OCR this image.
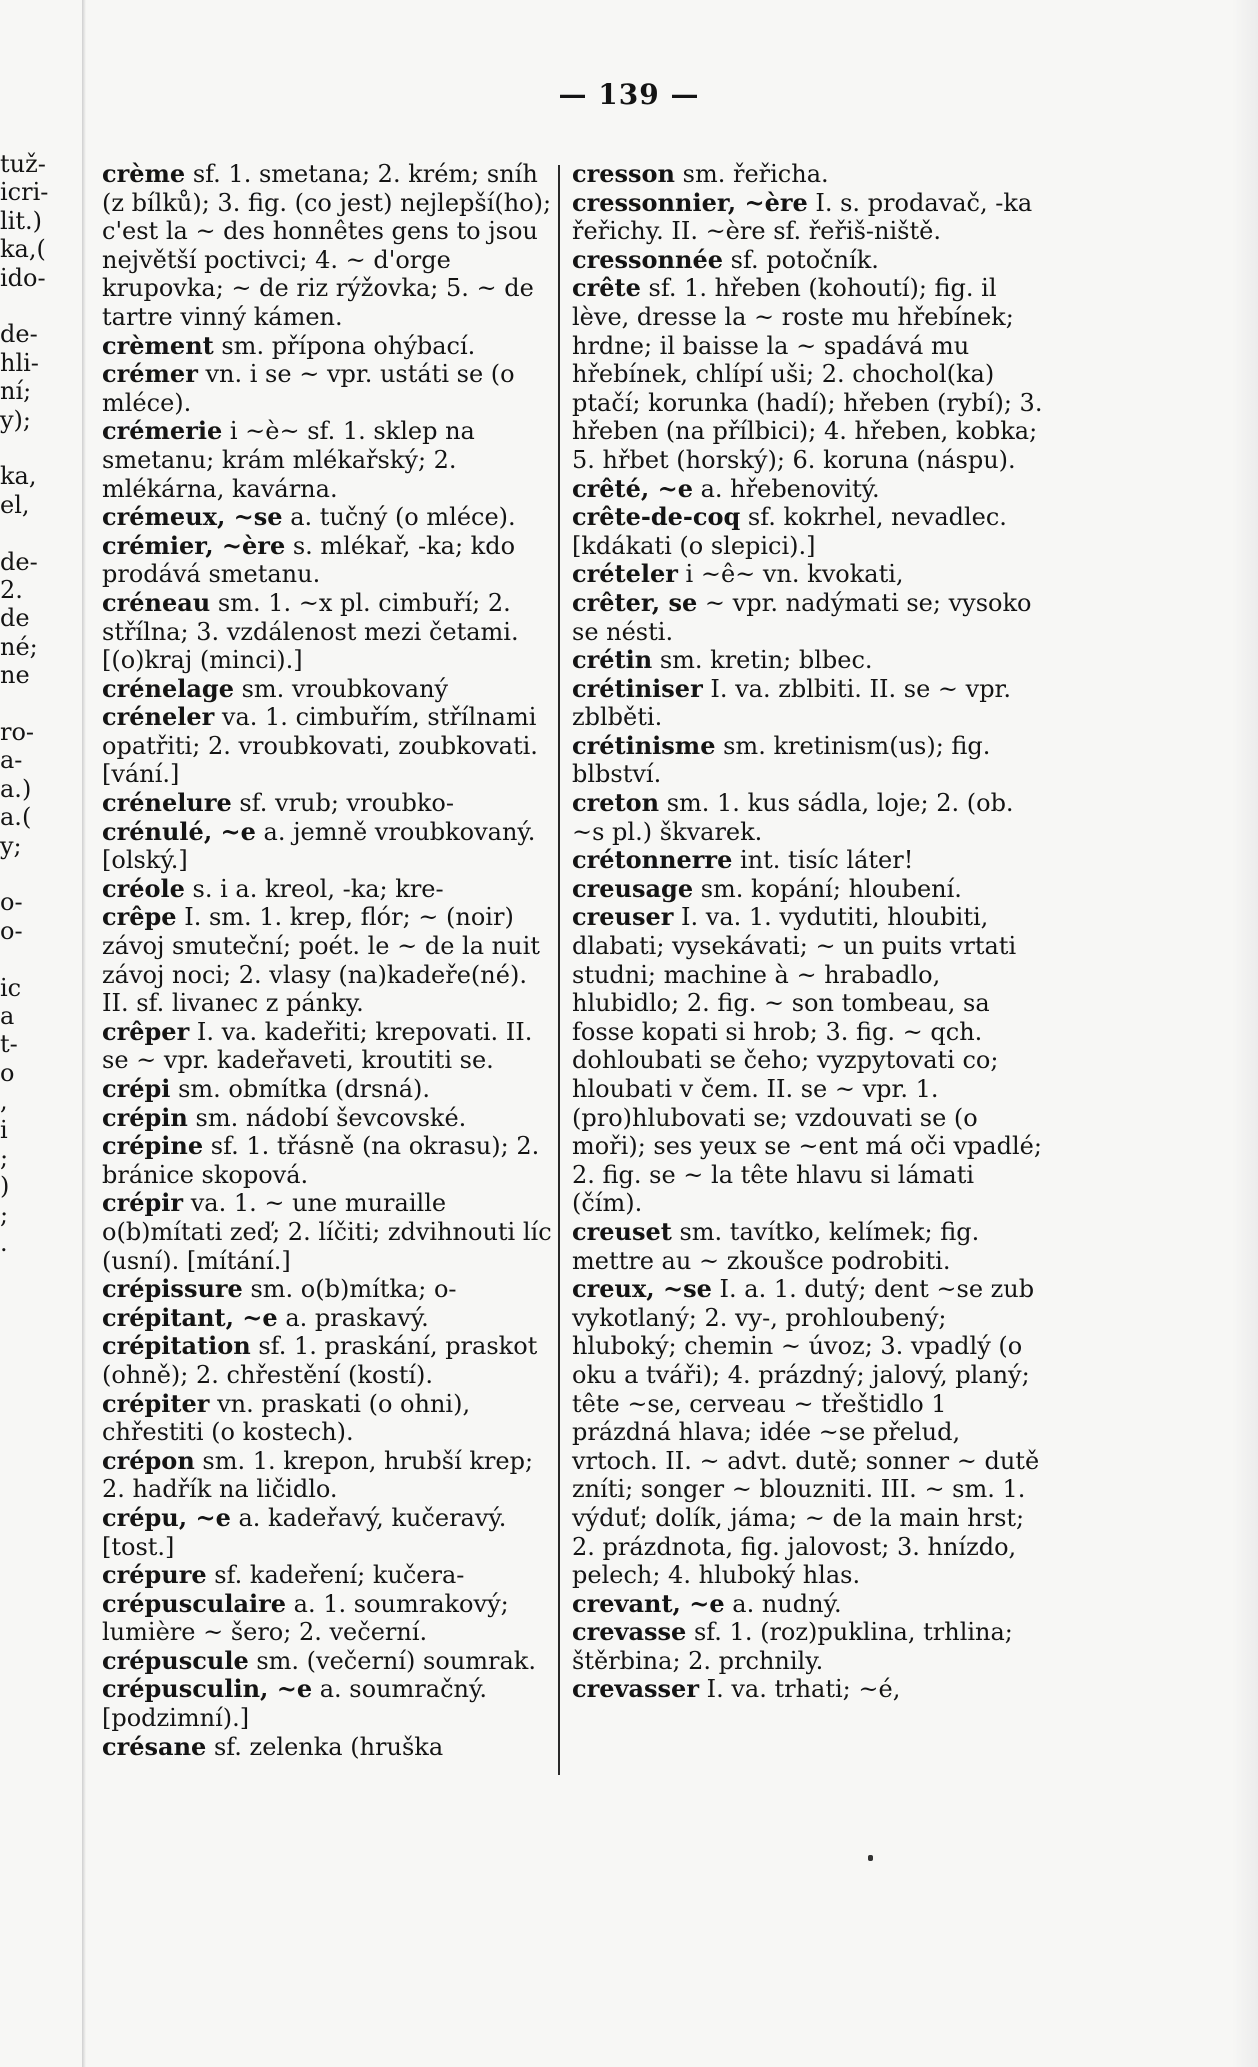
tuž-
icri-
lit.)
ka,(
ido-
de-
hli-
ní;
y);
ka,
el,
de-
2.
de
né;
ne
ro-
a-
a.)
a.(
y;
o-
o-
ic
a
t-
o
,
i
;
)
;
.
— 139 —

crème sf. 1. smetana; 2. krém; sníh (z bílků); 3. fig. (co jest) nejlepší(ho); c'est la ~ des honnêtes gens to jsou největší poctivci; 4. ~ d'orge krupovka; ~ de riz rýžovka; 5. ~ de tartre vinný kámen.

crèment sm. přípona ohýbací.

crémer vn. i se ~ vpr. ustáti se (o mléce).

crémerie i ~è~ sf. 1. sklep na smetanu; krám mlékařský; 2. mlékárna, kavárna.

crémeux, ~se a. tučný (o mléce).

crémier, ~ère s. mlékař, -ka; kdo prodává smetanu.

créneau sm. 1. ~x pl. cimbuří; 2. střílna; 3. vzdálenost mezi četami. [(o)kraj (minci).]

crénelage sm. vroubkovaný

créneler va. 1. cimbuřím, střílnami opatřiti; 2. vroubkovati, zoubkovati. [vání.]

crénelure sf. vrub; vroubko-

crénulé, ~e a. jemně vroubkovaný. [olský.]

créole s. i a. kreol, -ka; kre-

crêpe I. sm. 1. krep, flór; ~ (noir) závoj smuteční; poét. le ~ de la nuit závoj noci; 2. vlasy (na)kadeře(né). II. sf. livanec z pánky.

crêper I. va. kadeřiti; krepovati. II. se ~ vpr. kadeřaveti, kroutiti se.

crépi sm. obmítka (drsná).

crépin sm. nádobí ševcovské.

crépine sf. 1. třásně (na okrasu); 2. bránice skopová.

crépir va. 1. ~ une muraille o(b)mítati zeď; 2. líčiti; zdvihnouti líc (usní). [mítání.]

crépissure sm. o(b)mítka; o-

crépitant, ~e a. praskavý.

crépitation sf. 1. praskání, praskot (ohně); 2. chřestění (kostí).

crépiter vn. praskati (o ohni), chřestiti (o kostech).

crépon sm. 1. krepon, hrubší krep; 2. hadřík na ličidlo.

crépu, ~e a. kadeřavý, kučeravý. [tost.]

crépure sf. kadeření; kučera-

crépusculaire a. 1. soumrakový; lumière ~ šero; 2. večerní.

crépuscule sm. (večerní) soumrak.

crépusculin, ~e a. soumračný. [podzimní).]

crésane sf. zelenka (hruška

cresson sm. řeřicha.

cressonnier, ~ère I. s. prodavač, -ka řeřichy. II. ~ère sf. řeřiš-niště.

cressonnée sf. potočník.

crête sf. 1. hřeben (kohoutí); fig. il lève, dresse la ~ roste mu hřebínek; hrdne; il baisse la ~ spadává mu hřebínek, chlípí uši; 2. chochol(ka) ptačí; korunka (hadí); hřeben (rybí); 3. hřeben (na přílbici); 4. hřeben, kobka; 5. hřbet (horský); 6. koruna (náspu).

crêté, ~e a. hřebenovitý.

crête-de-coq sf. kokrhel, nevadlec. [kdákati (o slepici).]

crételer i ~ê~ vn. kvokati,

crêter, se ~ vpr. nadýmati se; vysoko se nésti.

crétin sm. kretin; blbec.

crétiniser I. va. zblbiti. II. se ~ vpr. zblběti.

crétinisme sm. kretinism(us); fig. blbství.

creton sm. 1. kus sádla, loje; 2. (ob. ~s pl.) škvarek.

crétonnerre int. tisíc láter!

creusage sm. kopání; hloubení.

creuser I. va. 1. vydutiti, hloubiti, dlabati; vysekávati; ~ un puits vrtati studni; machine à ~ hrabadlo, hlubidlo; 2. fig. ~ son tombeau, sa fosse kopati si hrob; 3. fig. ~ qch. dohloubati se čeho; vyzpytovati co; hloubati v čem. II. se ~ vpr. 1. (pro)hlubovati se; vzdouvati se (o moři); ses yeux se ~ent má oči vpadlé; 2. fig. se ~ la tête hlavu si lámati (čím).

creuset sm. tavítko, kelímek; fig. mettre au ~ zkoušce podrobiti.

creux, ~se I. a. 1. dutý; dent ~se zub vykotlaný; 2. vy-, prohloubený; hluboký; chemin ~ úvoz; 3. vpadlý (o oku a tváři); 4. prázdný; jalový, planý; tête ~se, cerveau ~ třeštidlo 1 prázdná hlava; idée ~se přelud, vrtoch. II. ~ advt. dutě; sonner ~ dutě zníti; songer ~ blouzniti. III. ~ sm. 1. výduť; dolík, jáma; ~ de la main hrst; 2. prázdnota, fig. jalovost; 3. hnízdo, pelech; 4. hluboký hlas.

crevant, ~e a. nudný.

crevasse sf. 1. (roz)puklina, trhlina; štěrbina; 2. prchnily.

crevasser I. va. trhati; ~é,
